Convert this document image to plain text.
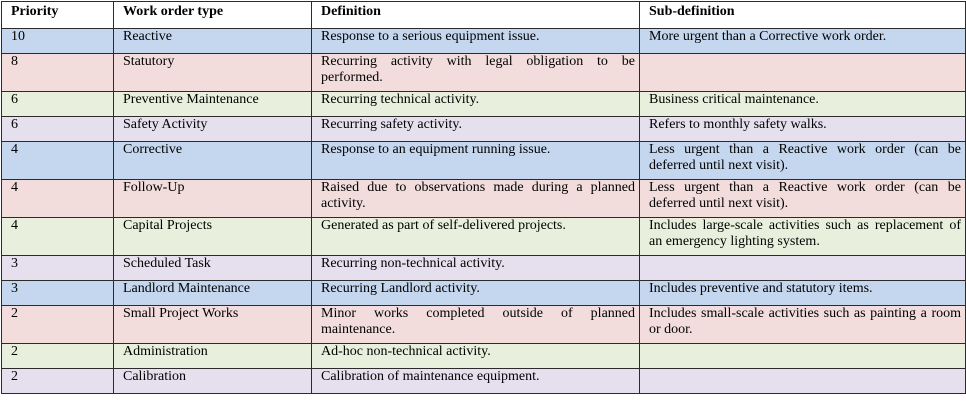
Priority	Work order type	Definition	Sub-definition
10	Reactive	Response to a serious equipment issue.	More urgent than a Corrective work order.
8	Statutory	Recurring activity with legal obligation to be performed.	
6	Preventive Maintenance	Recurring technical activity.	Business critical maintenance.
6	Safety Activity	Recurring safety activity.	Refers to monthly safety walks.
4	Corrective	Response to an equipment running issue.	Less urgent than a Reactive work order (can be deferred until next visit).
4	Follow-Up	Raised due to observations made during a planned activity.	Less urgent than a Reactive work order (can be deferred until next visit).
4	Capital Projects	Generated as part of self-delivered projects.	Includes large-scale activities such as replacement of an emergency lighting system.
3	Scheduled Task	Recurring non-technical activity.	
3	Landlord Maintenance	Recurring Landlord activity.	Includes preventive and statutory items.
2	Small Project Works	Minor works completed outside of planned maintenance.	Includes small-scale activities such as painting a room or door.
2	Administration	Ad-hoc non-technical activity.	
2	Calibration	Calibration of maintenance equipment.	
